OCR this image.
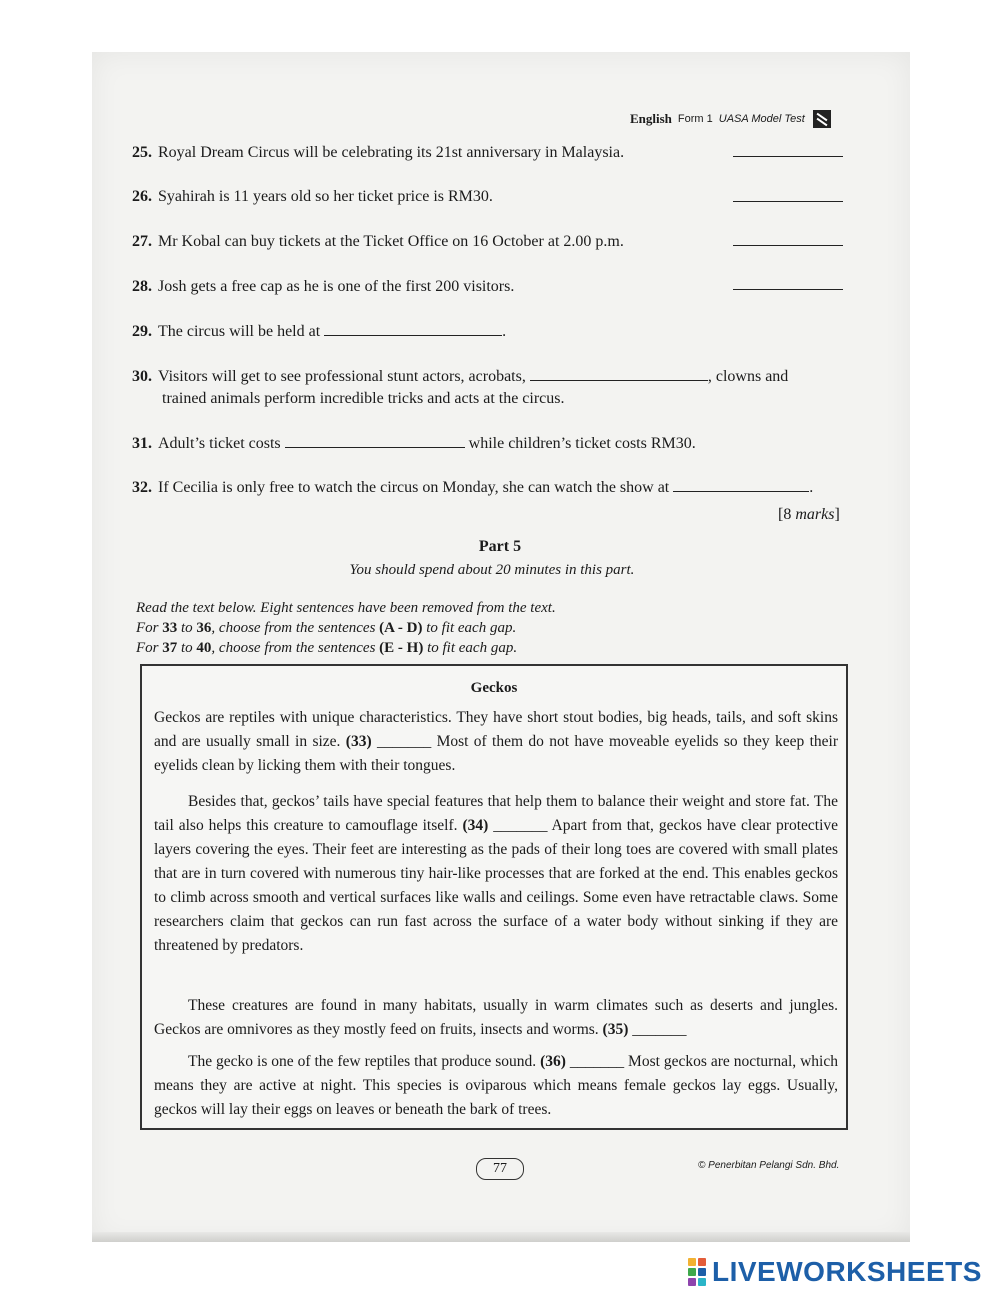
English Form 1 UASA Model Test
25. Royal Dream Circus will be celebrating its 21st anniversary in Malaysia.
26. Syahirah is 11 years old so her ticket price is RM30.
27. Mr Kobal can buy tickets at the Ticket Office on 16 October at 2.00 p.m.
28. Josh gets a free cap as he is one of the first 200 visitors.
29. The circus will be held at	.
30. Visitors will get to see professional stunt actors, acrobats,	, clowns and
trained animals perform incredible tricks and acts at the circus.
31. Adult’s ticket costs	while children’s ticket costs RM30.
32. If Cecilia is only free to watch the circus on Monday, she can watch the show at	.
[8 marks]
Part 5
You should spend about 20 minutes in this part.
Read the text below. Eight sentences have been removed from the text.
For 33 to 36, choose from the sentences (A - D) to fit each gap.
For 37 to 40, choose from the sentences (E - H) to fit each gap.
Geckos
Geckos are reptiles with unique characteristics. They have short stout bodies, big heads, tails, and soft skins and are usually small in size. (33) _______ Most of them do not have moveable eyelids so they keep their eyelids clean by licking them with their tongues.
Besides that, geckos’ tails have special features that help them to balance their weight and store fat. The tail also helps this creature to camouflage itself. (34) _______ Apart from that, geckos have clear protective layers covering the eyes. Their feet are interesting as the pads of their long toes are covered with small plates that are in turn covered with numerous tiny hair-like processes that are forked at the end. This enables geckos to climb across smooth and vertical surfaces like walls and ceilings. Some even have retractable claws. Some researchers claim that geckos can run fast across the surface of a water body without sinking if they are threatened by predators.
These creatures are found in many habitats, usually in warm climates such as deserts and jungles. Geckos are omnivores as they mostly feed on fruits, insects and worms. (35) _______
The gecko is one of the few reptiles that produce sound. (36) _______ Most geckos are nocturnal, which means they are active at night. This species is oviparous which means female geckos lay eggs. Usually, geckos will lay their eggs on leaves or beneath the bark of trees.
77	© Penerbitan Pelangi Sdn. Bhd.
LIVEWORKSHEETS
